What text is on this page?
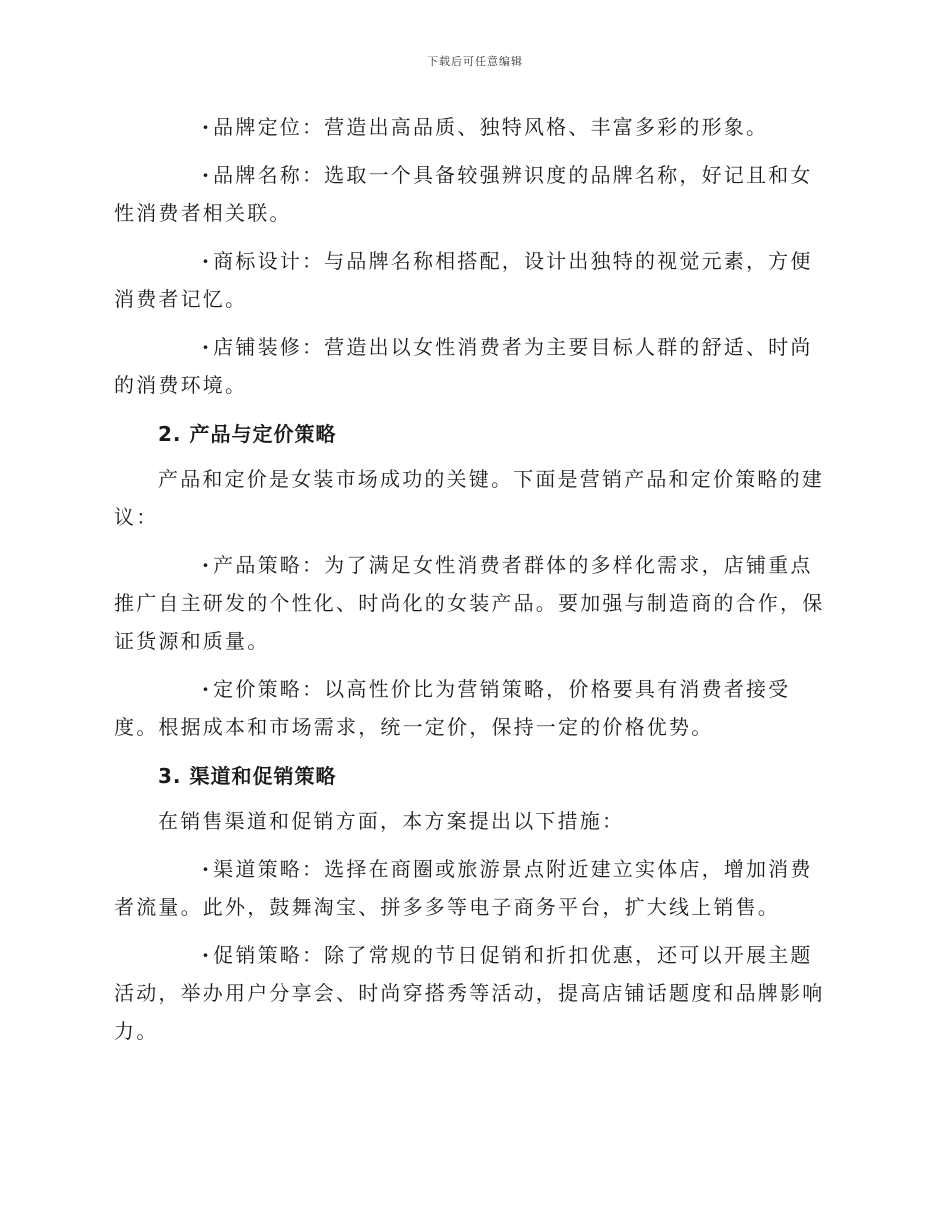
下载后可任意编辑

· 品牌定位：营造出高品质、独特风格、丰富多彩的形象。

· 品牌名称：选取一个具备较强辨识度的品牌名称，好记且和女性消费者相关联。

· 商标设计：与品牌名称相搭配，设计出独特的视觉元素，方便消费者记忆。

· 店铺装修：营造出以女性消费者为主要目标人群的舒适、时尚的消费环境。

2. 产品与定价策略

产品和定价是女装市场成功的关键。下面是营销产品和定价策略的建议：

· 产品策略：为了满足女性消费者群体的多样化需求，店铺重点推广自主研发的个性化、时尚化的女装产品。要加强与制造商的合作，保证货源和质量。

· 定价策略：以高性价比为营销策略，价格要具有消费者接受度。根据成本和市场需求，统一定价，保持一定的价格优势。

3. 渠道和促销策略

在销售渠道和促销方面，本方案提出以下措施：

· 渠道策略：选择在商圈或旅游景点附近建立实体店，增加消费者流量。此外，鼓舞淘宝、拼多多等电子商务平台，扩大线上销售。

· 促销策略：除了常规的节日促销和折扣优惠，还可以开展主题活动，举办用户分享会、时尚穿搭秀等活动，提高店铺话题度和品牌影响力。
